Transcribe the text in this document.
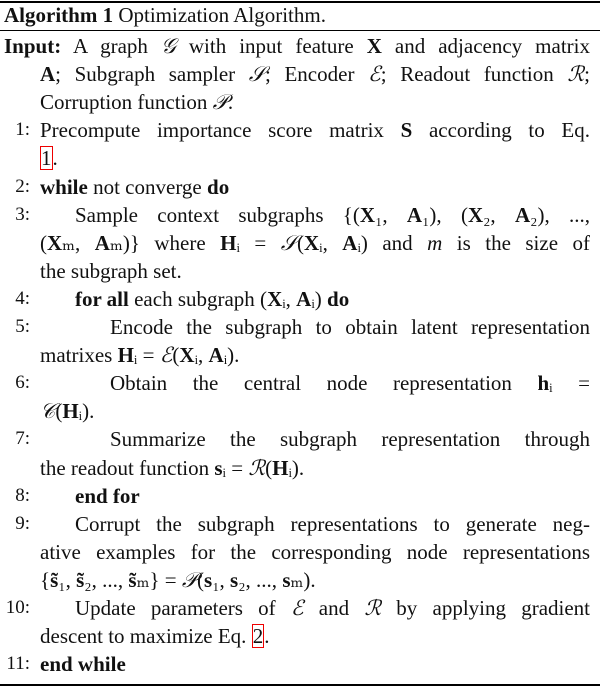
Algorithm 1 Optimization Algorithm.
Input: A graph 𝒢 with input feature X and adjacency matrix
A; Subgraph sampler 𝒮; Encoder ℰ; Readout function ℛ;
Corruption function 𝒫.
1: Precompute importance score matrix S according to Eq.
1.
2: while not converge do
3: Sample context subgraphs {(X₁, A₁), (X₂, A₂), ...,
(Xₘ, Aₘ)} where Hᵢ = 𝒮(Xᵢ, Aᵢ) and m is the size of
the subgraph set.
4: for all each subgraph (Xᵢ, Aᵢ) do
5:	Encode the subgraph to obtain latent representation
matrixes Hᵢ = ℰ(Xᵢ, Aᵢ).
6:	Obtain the central node representation hᵢ =
𝒞(Hᵢ).
7:	Summarize the subgraph representation through
the readout function sᵢ = ℛ(Hᵢ).
8: end for
9: Corrupt the subgraph representations to generate neg-
ative examples for the corresponding node representations
{s̃₁, s̃₂, ..., s̃ₘ} = 𝒫(s₁, s₂, ..., sₘ).
10: Update parameters of ℰ and ℛ by applying gradient
descent to maximize Eq. 2.
11: end while
